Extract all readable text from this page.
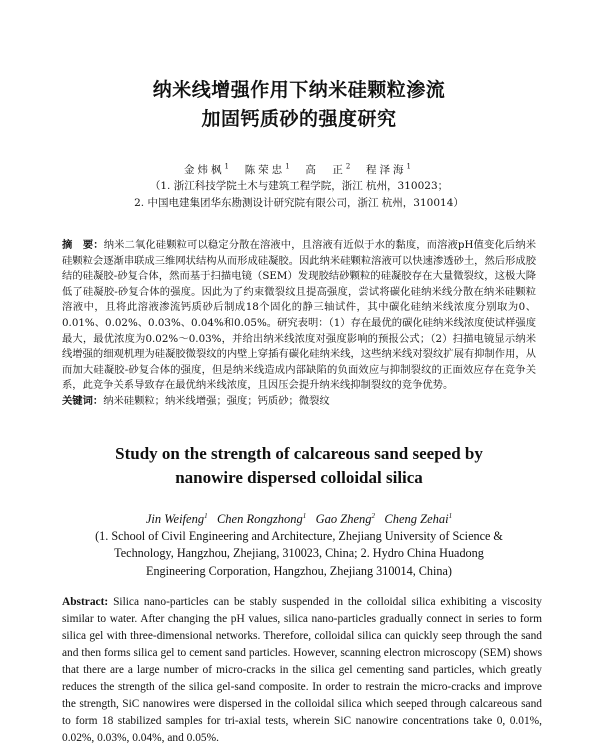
纳米线增强作用下纳米硅颗粒渗流
加固钙质砂的强度研究
金炜枫$^1$ 陈荣忠$^1$ 高　正$^2$ 程泽海$^1$
（1. 浙江科技学院土木与建筑工程学院，浙江 杭州，310023；
2. 中国电建集团华东勘测设计研究院有限公司，浙江 杭州，310014）
摘　要：纳米二氧化硅颗粒可以稳定分散在溶液中，且溶液有近似于水的黏度，而溶液pH值变化后纳米硅颗粒会逐渐串联成三维网状结构从而形成硅凝胶。因此纳米硅颗粒溶液可以快速渗透砂土，然后形成胶结的硅凝胶-砂复合体，然而基于扫描电镜（SEM）发现胶结砂颗粒的硅凝胶存在大量微裂纹，这极大降低了硅凝胶-砂复合体的强度。因此为了约束微裂纹且提高强度，尝试将碳化硅纳米线分散在纳米硅颗粒溶液中，且将此溶液渗流钙质砂后制成18个固化的静三轴试件，其中碳化硅纳米线浓度分别取为0、0.01%、0.02%、0.03%、0.04%和0.05%。研究表明：（1）存在最优的碳化硅纳米线浓度使试样强度最大，最优浓度为0.02%～0.03%，并给出纳米线浓度对强度影响的预报公式；（2）扫描电镜显示纳米线增强的细观机理为硅凝胶微裂纹的内壁上穿插有碳化硅纳米线，这些纳米线对裂纹扩展有抑制作用，从而加大硅凝胶-砂复合体的强度，但是纳米线造成内部缺陷的负面效应与抑制裂纹的正面效应存在竞争关系，此竞争关系导致存在最优纳米线浓度，且因压会提升纳米线抑制裂纹的竞争优势。
关键词：纳米硅颗粒；纳米线增强；强度；钙质砂；微裂纹
Study on the strength of calcareous sand seeped by
nanowire dispersed colloidal silica
Jin Weifeng$^1$ Chen Rongzhong$^1$ Gao Zheng$^2$ Cheng Zehai$^1$
(1. School of Civil Engineering and Architecture, Zhejiang University of Science &
Technology, Hangzhou, Zhejiang, 310023, China; 2. Hydro China Huadong
Engineering Corporation, Hangzhou, Zhejiang 310014, China)
Abstract: Silica nano-particles can be stably suspended in the colloidal silica exhibiting a viscosity similar to water. After changing the pH values, silica nano-particles gradually connect in series to form silica gel with three-dimensional networks. Therefore, colloidal silica can quickly seep through the sand and then forms silica gel to cement sand particles. However, scanning electron microscopy (SEM) shows that there are a large number of micro-cracks in the silica gel cementing sand particles, which greatly reduces the strength of the silica gel-sand composite. In order to restrain the micro-cracks and improve the strength, SiC nanowires were dispersed in the colloidal silica which seeped through calcareous sand to form 18 stabilized samples for tri-axial tests, wherein SiC nanowire concentrations take 0, 0.01%, 0.02%, 0.03%, 0.04%, and 0.05%.
